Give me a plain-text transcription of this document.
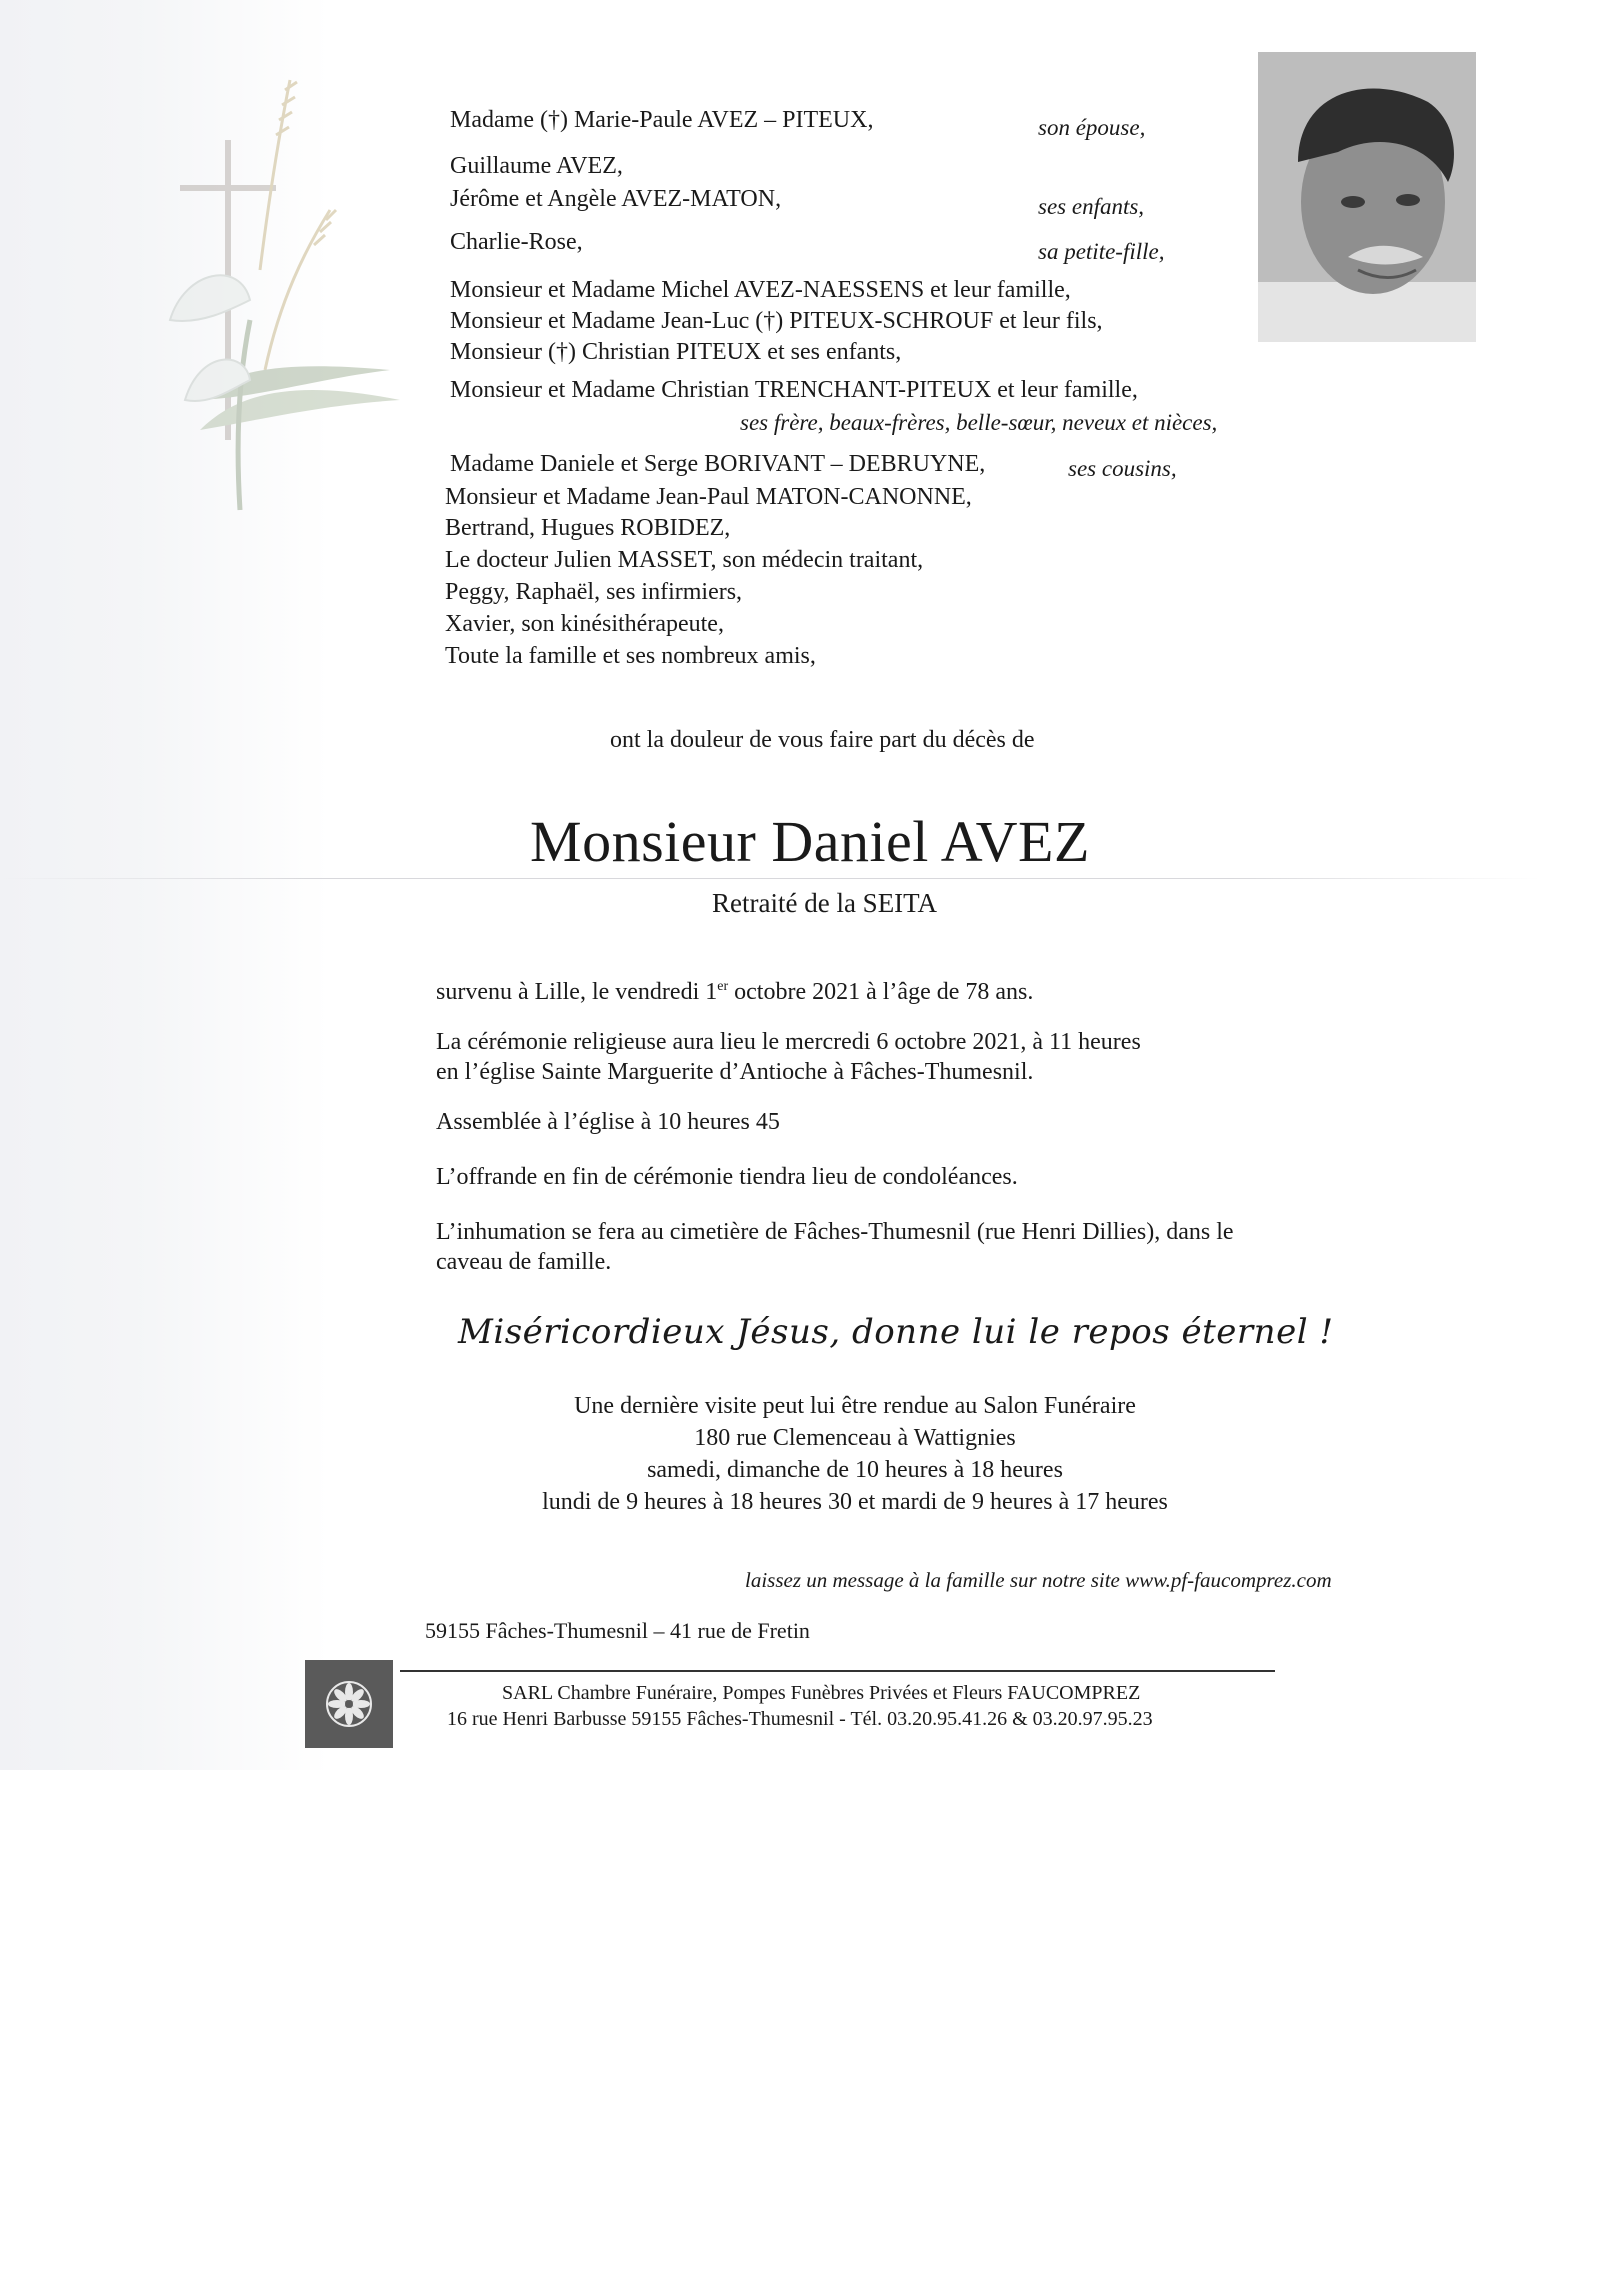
Madame (†) Marie-Paule AVEZ – PITEUX,	son épouse,
Guillaume AVEZ,
Jérôme et Angèle AVEZ-MATON,	ses enfants,
Charlie-Rose,	sa petite-fille,
Monsieur et Madame Michel AVEZ-NAESSENS et leur famille,
Monsieur et Madame Jean-Luc (†) PITEUX-SCHROUF et leur fils,
Monsieur (†) Christian PITEUX et ses enfants,
Monsieur et Madame Christian TRENCHANT-PITEUX et leur famille,
ses frère, beaux-frères, belle-sœur, neveux et nièces,
Madame Daniele et Serge BORIVANT – DEBRUYNE,	ses cousins,
Monsieur et Madame Jean-Paul MATON-CANONNE,
Bertrand, Hugues ROBIDEZ,
Le docteur Julien MASSET, son médecin traitant,
Peggy, Raphaël, ses infirmiers,
Xavier, son kinésithérapeute,
Toute la famille et ses nombreux amis,
ont la douleur de vous faire part du décès de
Monsieur Daniel AVEZ
Retraité de la SEITA
survenu à Lille, le vendredi 1er octobre 2021 à l’âge de 78 ans.
La cérémonie religieuse aura lieu le mercredi 6 octobre 2021, à 11 heures
en l’église Sainte Marguerite d’Antioche à Fâches-Thumesnil.
Assemblée à l’église à 10 heures 45
L’offrande en fin de cérémonie tiendra lieu de condoléances.
L’inhumation se fera au cimetière de Fâches-Thumesnil (rue Henri Dillies), dans le
caveau de famille.
Miséricordieux Jésus, donne lui le repos éternel !
Une dernière visite peut lui être rendue au Salon Funéraire
180 rue Clemenceau à Wattignies
samedi, dimanche de 10 heures à 18 heures
lundi de 9 heures à 18 heures 30 et mardi de 9 heures à 17 heures
laissez un message à la famille sur notre site www.pf-faucomprez.com
59155 Fâches-Thumesnil – 41 rue de Fretin
SARL Chambre Funéraire, Pompes Funèbres Privées et Fleurs FAUCOMPREZ
16 rue Henri Barbusse 59155 Fâches-Thumesnil - Tél. 03.20.95.41.26 & 03.20.97.95.23
